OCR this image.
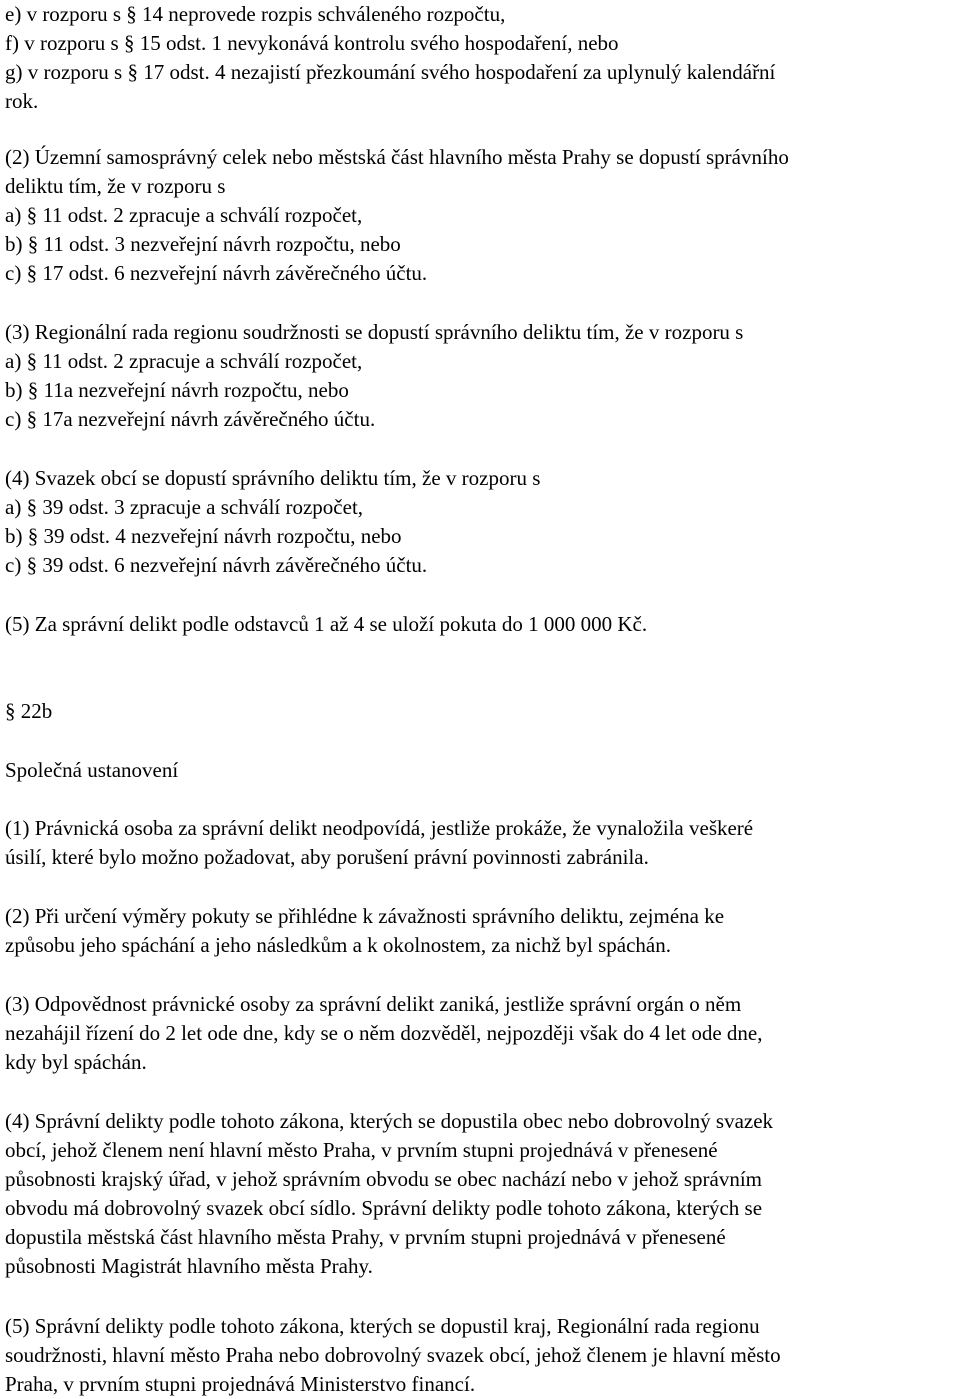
e) v rozporu s § 14 neprovede rozpis schváleného rozpočtu,
f) v rozporu s § 15 odst. 1 nevykonává kontrolu svého hospodaření, nebo
g) v rozporu s § 17 odst. 4 nezajistí přezkoumání svého hospodaření za uplynulý kalendářní
rok.
(2) Územní samosprávný celek nebo městská část hlavního města Prahy se dopustí správního
deliktu tím, že v rozporu s
a) § 11 odst. 2 zpracuje a schválí rozpočet,
b) § 11 odst. 3 nezveřejní návrh rozpočtu, nebo
c) § 17 odst. 6 nezveřejní návrh závěrečného účtu.
(3) Regionální rada regionu soudržnosti se dopustí správního deliktu tím, že v rozporu s
a) § 11 odst. 2 zpracuje a schválí rozpočet,
b) § 11a nezveřejní návrh rozpočtu, nebo
c) § 17a nezveřejní návrh závěrečného účtu.
(4) Svazek obcí se dopustí správního deliktu tím, že v rozporu s
a) § 39 odst. 3 zpracuje a schválí rozpočet,
b) § 39 odst. 4 nezveřejní návrh rozpočtu, nebo
c) § 39 odst. 6 nezveřejní návrh závěrečného účtu.
(5) Za správní delikt podle odstavců 1 až 4 se uloží pokuta do 1 000 000 Kč.
§ 22b
Společná ustanovení
(1) Právnická osoba za správní delikt neodpovídá, jestliže prokáže, že vynaložila veškeré
úsilí, které bylo možno požadovat, aby porušení právní povinnosti zabránila.
(2) Při určení výměry pokuty se přihlédne k závažnosti správního deliktu, zejména ke
způsobu jeho spáchání a jeho následkům a k okolnostem, za nichž byl spáchán.
(3) Odpovědnost právnické osoby za správní delikt zaniká, jestliže správní orgán o něm
nezahájil řízení do 2 let ode dne, kdy se o něm dozvěděl, nejpozději však do 4 let ode dne,
kdy byl spáchán.
(4) Správní delikty podle tohoto zákona, kterých se dopustila obec nebo dobrovolný svazek
obcí, jehož členem není hlavní město Praha, v prvním stupni projednává v přenesené
působnosti krajský úřad, v jehož správním obvodu se obec nachází nebo v jehož správním
obvodu má dobrovolný svazek obcí sídlo. Správní delikty podle tohoto zákona, kterých se
dopustila městská část hlavního města Prahy, v prvním stupni projednává v přenesené
působnosti Magistrát hlavního města Prahy.
(5) Správní delikty podle tohoto zákona, kterých se dopustil kraj, Regionální rada regionu
soudržnosti, hlavní město Praha nebo dobrovolný svazek obcí, jehož členem je hlavní město
Praha, v prvním stupni projednává Ministerstvo financí.
